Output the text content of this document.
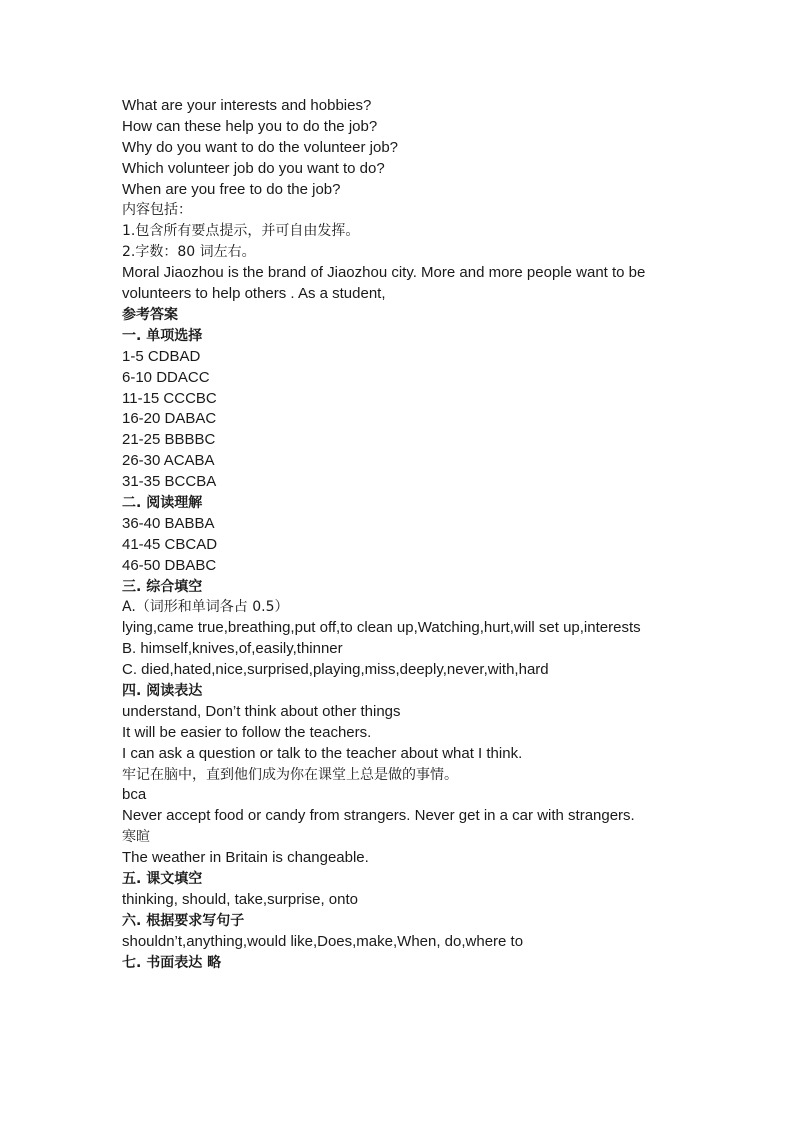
What are your interests and hobbies?
How can these help you to do the job?
Why do you want to do the volunteer job?
Which volunteer job do you want to do?
When are you free to do the job?
内容包括：
1.包含所有要点提示，并可自由发挥。
2.字数：80 词左右。
Moral Jiaozhou is the brand of Jiaozhou city. More and more people want to be volunteers to help others . As a student,
参考答案
一. 单项选择
1-5 CDBAD
6-10 DDACC
11-15 CCCBC
16-20 DABAC
21-25 BBBBC
26-30 ACABA
31-35 BCCBA
二. 阅读理解
36-40 BABBA
41-45 CBCAD
46-50 DBABC
三. 综合填空
A.（词形和单词各占 0.5）
lying,came true,breathing,put off,to clean up,Watching,hurt,will set up,interests
B. himself,knives,of,easily,thinner
C. died,hated,nice,surprised,playing,miss,deeply,never,with,hard
四. 阅读表达
understand, Don’t think about other things
It will be easier to follow the teachers.
I can ask a question or talk to the teacher about what I think.
牢记在脑中，直到他们成为你在课堂上总是做的事情。
bca
Never accept food or candy from strangers. Never get in a car with strangers.
寒暄
The weather in Britain is changeable.
五. 课文填空
thinking, should, take,surprise, onto
六. 根据要求写句子
shouldn’t,anything,would like,Does,make,When, do,where to
七. 书面表达 略
